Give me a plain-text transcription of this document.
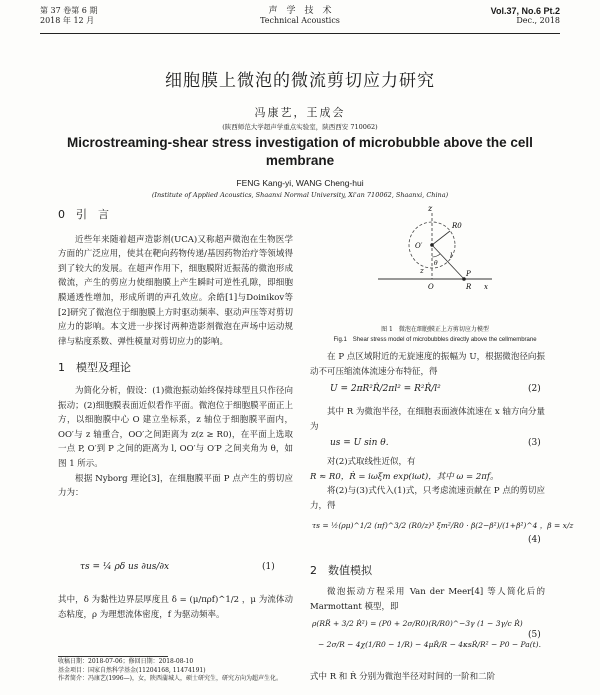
第 37 卷第 6 期
2018 年 12 月
声　学　技　术
Technical Acoustics
Vol.37, No.6 Pt.2
Dec., 2018
细胞膜上微泡的微流剪切应力研究
冯康艺，王成会
(陕西师范大学超声学重点实验室，陕西西安 710062)
Microstreaming-shear stress investigation of microbubble above the cell membrane
FENG Kang-yi, WANG Cheng-hui
(Institute of Applied Acoustics, Shaanxi Normal University, Xi'an 710062, Shaanxi, China)
0　引　言

近些年来随着超声造影剂(UCA)又称超声微泡在生物医学方面的广泛应用，使其在靶向药物传递/基因药物治疗等领域得到了较大的发展。在超声作用下，细胞膜附近振荡的微泡形成微流，产生的剪应力使细胞膜上产生瞬时可逆性孔隙，即细胞膜通透性增加，形成所谓的声孔效应。余皓[1]与Doinikov等[2]研究了微泡位于细胞膜上方时驱动频率、驱动声压等对剪切应力的影响。本文进一步探讨两种造影剂微泡在声场中运动规律与粘度系数、弹性模量对剪切应力的影响。

1　模型及理论

为简化分析，假设：(1)微泡振动始终保持球型且只作径向振动；(2)细胞膜表面近似看作平面。微泡位于细胞膜平面正上方，以细胞膜中心 O 建立坐标系，z 轴位于细胞膜平面内，OO′与 z 轴重合，OO′之间距离为 z(z ≥ R0)，在平面上选取一点 P, O′到 P 之间的距离为 l, OO′与 O′P 之间夹角为 θ，如图 1 所示。

根据 Nyborg 理论[3]，在细胞膜平面 P 点产生的剪切应力为：

τs = ¼ ρδ us ∂us/∂x	(1)
其中，δ 为黏性边界层厚度且 δ = (μ/πρf)^1/2 ，μ 为流体动态粘度，ρ 为理想流体密度，f 为驱动频率。
z
O′
l
θ
R0
z
O
P
R x
图 1　微泡在细胞膜正上方剪切应力模型
Fig.1　Shear stress model of microbubbles directly above the cellmembrane

在 P 点区域附近的无旋速度的振幅为 U，根据微泡径向振动不可压缩流体流速分布特征，得

U = 2πR²Ṙ/2πl² = R²Ṙ/l²	(2)

其中 R 为微泡半径，在细胞表面液体流速在 x 轴方向分量为

us = U sin θ.	(3)

对(2)式取线性近似，有

R ≈ R0，Ṙ = iωξm exp(iωt)，其中 ω = 2πf。

将(2)与(3)式代入(1)式，只考虑流速贡献在 P 点的剪切应力，得

τs = ½(ρμ)^1/2 (πf)^3/2 (R0/z)³ ξm²/R0 · β(2−β²)/(1+β²)^4 ，β = x/z
(4)
2　数值模拟

微泡振动方程采用 Van der Meer[4] 等人简化后的 Marmottant 模型，即

ρ(RR̈ + 3/2 Ṙ²) = (P0 + 2σ/R0)(R/R0)^−3γ (1 − 3γ/c Ṙ)
− 2σ/R − 4χ(1/R0 − 1/R) − 4μṘ/R − 4κsṘ/R² − P0 − Pa(t).
(5)
式中 R 和 Ṙ 分别为微泡半径对时间的一阶和二阶
收稿日期：2018-07-06；修回日期：2018-08-10
基金项目：国家自然科学基金(11204168, 11474191)
作者简介：冯康艺(1996—)，女，陕西蒲城人，硕士研究生，研究方向为超声生化。
